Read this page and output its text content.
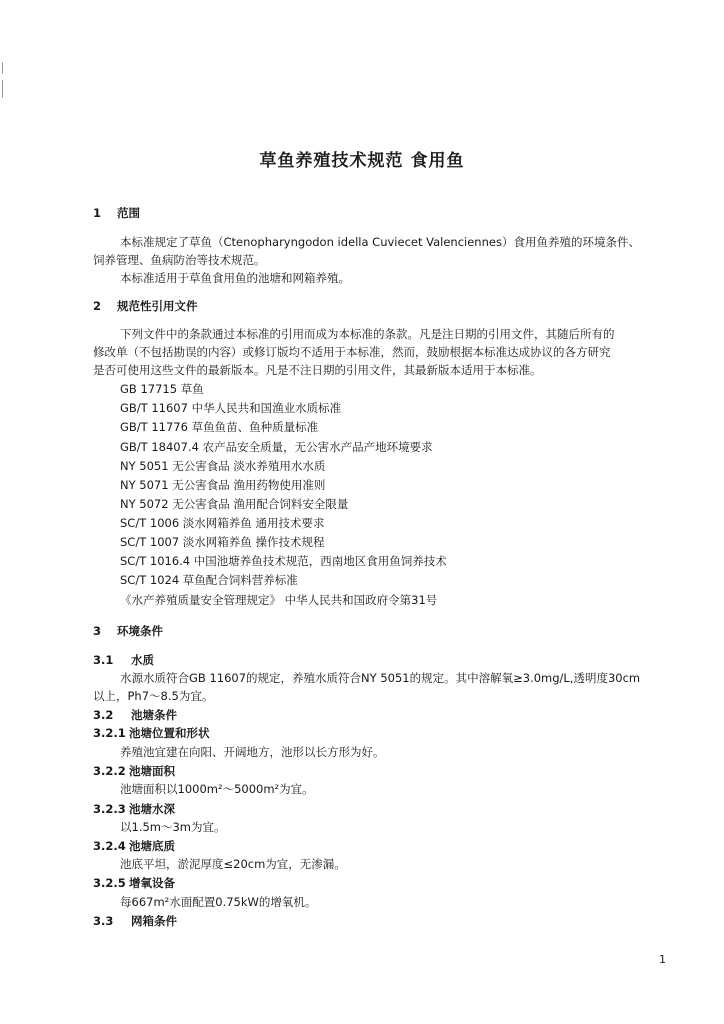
草鱼养殖技术规范 食用鱼
1 范围
本标准规定了草鱼（Ctenopharyngodon idella Cuviecet Valenciennes）食用鱼养殖的环境条件、
饲养管理、鱼病防治等技术规范。
本标准适用于草鱼食用鱼的池塘和网箱养殖。
2 规范性引用文件
下列文件中的条款通过本标准的引用而成为本标准的条款。凡是注日期的引用文件，其随后所有的
修改单（不包括勘误的内容）或修订版均不适用于本标准，然而，鼓励根据本标准达成协议的各方研究
是否可使用这些文件的最新版本。凡是不注日期的引用文件，其最新版本适用于本标准。
GB 17715 草鱼
GB/T 11607 中华人民共和国渔业水质标准
GB/T 11776 草鱼鱼苗、鱼种质量标准
GB/T 18407.4 农产品安全质量，无公害水产品产地环境要求
NY 5051 无公害食品 淡水养殖用水水质
NY 5071 无公害食品 渔用药物使用准则
NY 5072 无公害食品 渔用配合饲料安全限量
SC/T 1006 淡水网箱养鱼 通用技术要求
SC/T 1007 淡水网箱养鱼 操作技术规程
SC/T 1016.4 中国池塘养鱼技术规范，西南地区食用鱼饲养技术
SC/T 1024 草鱼配合饲料营养标准
《水产养殖质量安全管理规定》 中华人民共和国政府令第31号
3 环境条件
3.1 水质
水源水质符合GB 11607的规定，养殖水质符合NY 5051的规定。其中溶解氧≥3.0mg/L,透明度30cm
以上，Ph7～8.5为宜。
3.2 池塘条件
3.2.1 池塘位置和形状
养殖池宜建在向阳、开阔地方，池形以长方形为好。
3.2.2 池塘面积
池塘面积以1000m²～5000m²为宜。
3.2.3 池塘水深
以1.5m～3m为宜。
3.2.4 池塘底质
池底平坦，淤泥厚度≤20cm为宜，无渗漏。
3.2.5 增氧设备
每667m²水面配置0.75kW的增氧机。
3.3 网箱条件
1
